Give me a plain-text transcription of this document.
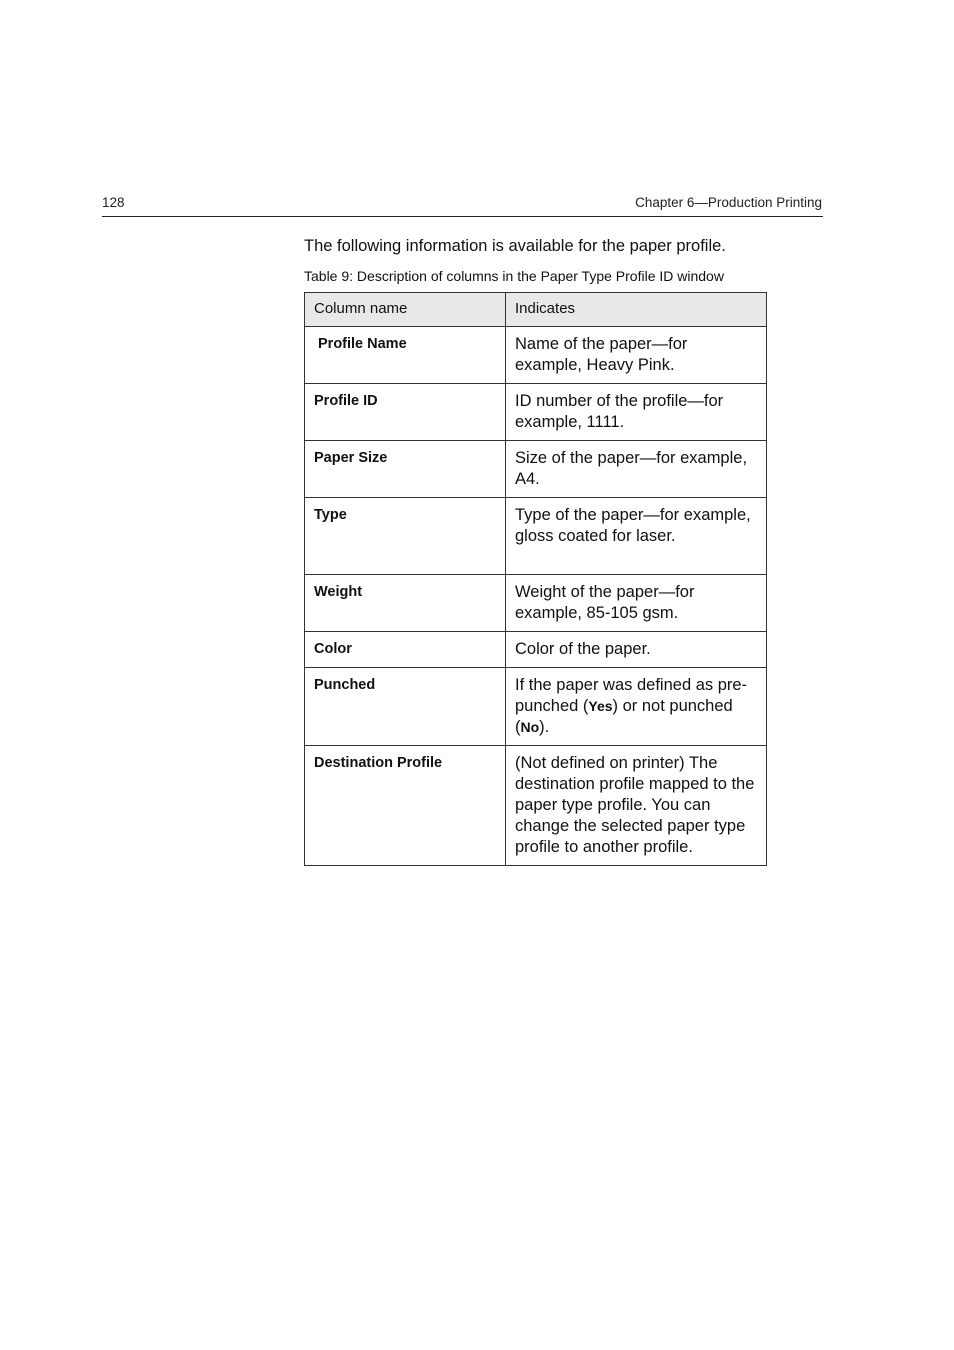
128	Chapter 6—Production Printing
The following information is available for the paper profile.
Table 9: Description of columns in the Paper Type Profile ID window
Column name	Indicates
Profile Name	Name of the paper—for example, Heavy Pink.
Profile ID	ID number of the profile—for example, 1111.
Paper Size	Size of the paper—for example, A4.
Type	Type of the paper—for example, gloss coated for laser.
Weight	Weight of the paper—for example, 85-105 gsm.
Color	Color of the paper.
Punched	If the paper was defined as pre-punched (Yes) or not punched (No).
Destination Profile	(Not defined on printer) The destination profile mapped to the paper type profile. You can change the selected paper type profile to another profile.
